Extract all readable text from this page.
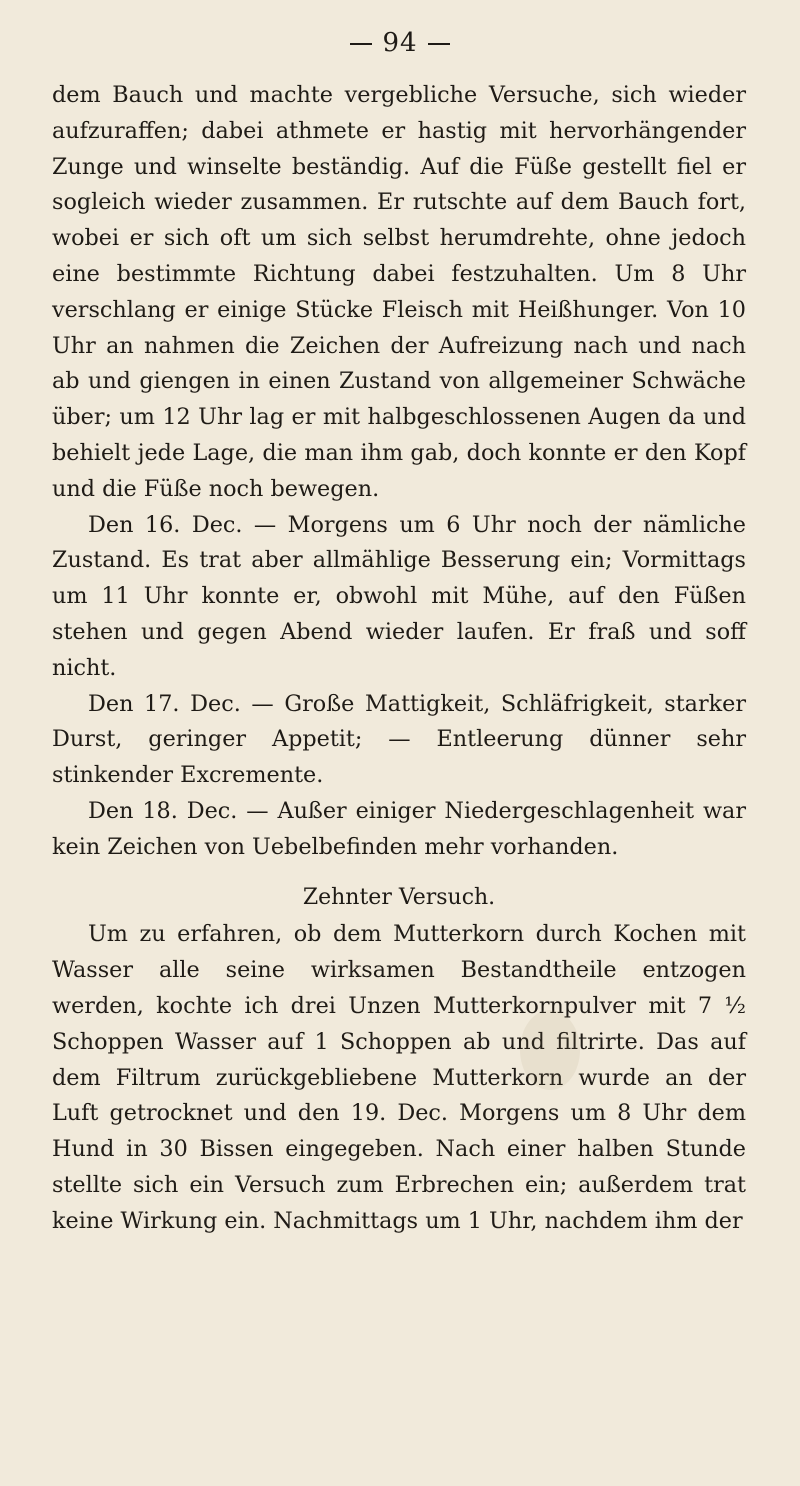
94

dem Bauch und machte vergebliche Versuche, sich wieder aufzuraffen; dabei athmete er hastig mit hervorhängender Zunge und winselte beständig. Auf die Füße gestellt fiel er sogleich wieder zusammen. Er rutschte auf dem Bauch fort, wobei er sich oft um sich selbst herumdrehte, ohne jedoch eine bestimmte Richtung dabei festzuhalten. Um 8 Uhr verschlang er einige Stücke Fleisch mit Heißhunger. Von 10 Uhr an nahmen die Zeichen der Aufreizung nach und nach ab und giengen in einen Zustand von allgemeiner Schwäche über; um 12 Uhr lag er mit halbgeschlossenen Augen da und behielt jede Lage, die man ihm gab, doch konnte er den Kopf und die Füße noch bewegen.

Den 16. Dec. — Morgens um 6 Uhr noch der nämliche Zustand. Es trat aber allmählige Besserung ein; Vormittags um 11 Uhr konnte er, obwohl mit Mühe, auf den Füßen stehen und gegen Abend wieder laufen. Er fraß und soff nicht.

Den 17. Dec. — Große Mattigkeit, Schläfrigkeit, starker Durst, geringer Appetit; — Entleerung dünner sehr stinkender Excremente.

Den 18. Dec. — Außer einiger Niedergeschlagenheit war kein Zeichen von Uebelbefinden mehr vorhanden.

Zehnter Versuch.

Um zu erfahren, ob dem Mutterkorn durch Kochen mit Wasser alle seine wirksamen Bestandtheile entzogen werden, kochte ich drei Unzen Mutterkornpulver mit 7 ½ Schoppen Wasser auf 1 Schoppen ab und filtrirte. Das auf dem Filtrum zurückgebliebene Mutterkorn wurde an der Luft getrocknet und den 19. Dec. Morgens um 8 Uhr dem Hund in 30 Bissen eingegeben. Nach einer halben Stunde stellte sich ein Versuch zum Erbrechen ein; außerdem trat keine Wirkung ein. Nachmittags um 1 Uhr, nachdem ihm der
